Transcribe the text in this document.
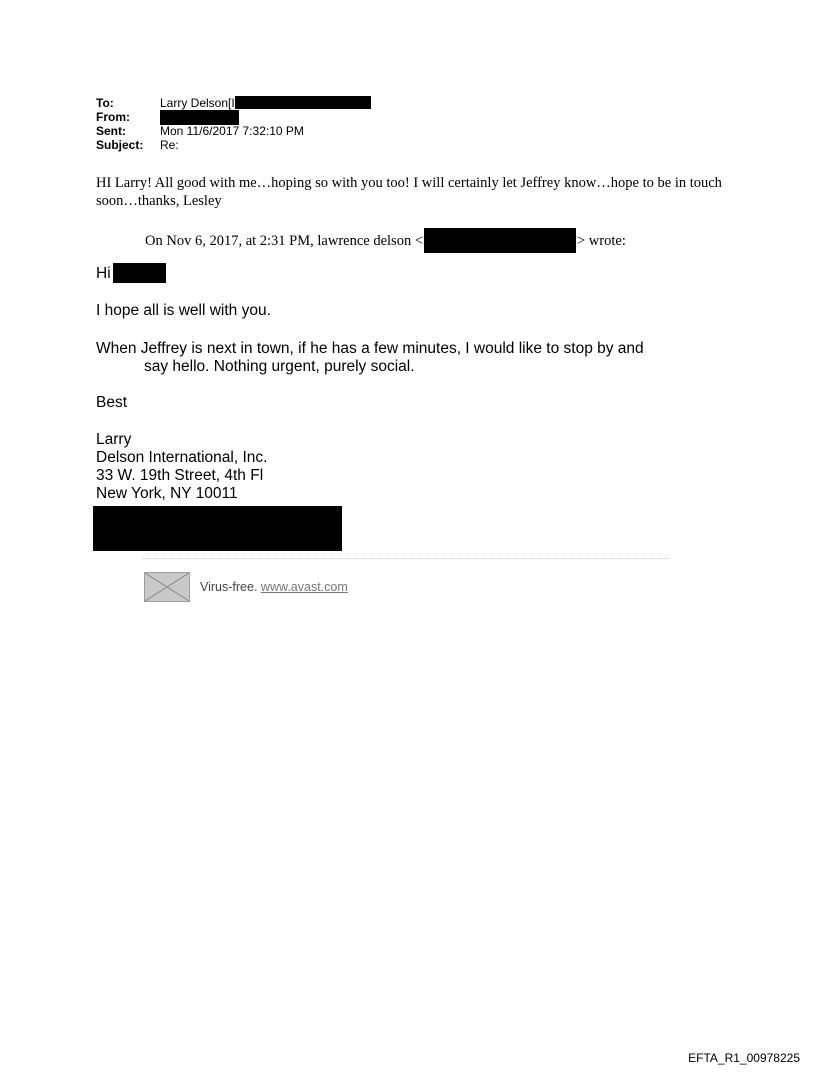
To:	Larry Delson[I
From:
Sent:	Mon 11/6/2017 7:32:10 PM
Subject:	Re:
HI Larry! All good with me…hoping so with you too! I will certainly let Jeffrey know…hope to be in touch soon…thanks, Lesley
On Nov 6, 2017, at 2:31 PM, lawrence delson <	> wrote:
Hi
I hope all is well with you.
When Jeffrey is next in town, if he has a few minutes, I would like to stop by and
say hello. Nothing urgent, purely social.
Best
Larry
Delson International, Inc.
33 W. 19th Street, 4th Fl
New York, NY 10011
Virus-free. www.avast.com
EFTA_R1_00978225
